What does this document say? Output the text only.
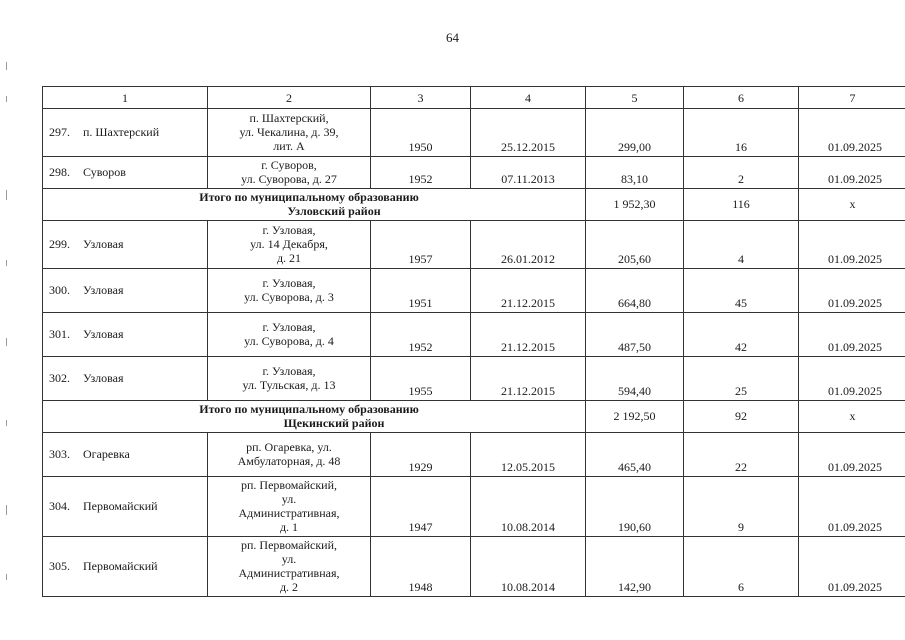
64
1	2	3	4	5	6	7
297. п. Шахтерский	п. Шахтерский,
ул. Чекалина, д. 39,
лит. А	1950	25.12.2015	299,00	16	01.09.2025
298. Суворов	г. Суворов,
ул. Суворова, д. 27	1952	07.11.2013	83,10	2	01.09.2025

Итого по муниципальному образованию
Узловский район				1 952,30	116	х
299. Узловая	г. Узловая,
ул. 14 Декабря,
д. 21	1957	26.01.2012	205,60	4	01.09.2025
300. Узловая	г. Узловая,
ул. Суворова, д. 3	1951	21.12.2015	664,80	45	01.09.2025
301. Узловая	г. Узловая,
ул. Суворова, д. 4	1952	21.12.2015	487,50	42	01.09.2025
302. Узловая	г. Узловая,
ул. Тульская, д. 13	1955	21.12.2015	594,40	25	01.09.2025

Итого по муниципальному образованию
Щекинский район				2 192,50	92	х
303. Огаревка	рп. Огаревка, ул.
Амбулаторная, д. 48	1929	12.05.2015	465,40	22	01.09.2025
304. Первомайский	рп. Первомайский,
ул.
Административная,
д. 1	1947	10.08.2014	190,60	9	01.09.2025
305. Первомайский	рп. Первомайский,
ул.
Административная,
д. 2	1948	10.08.2014	142,90	6	01.09.2025
